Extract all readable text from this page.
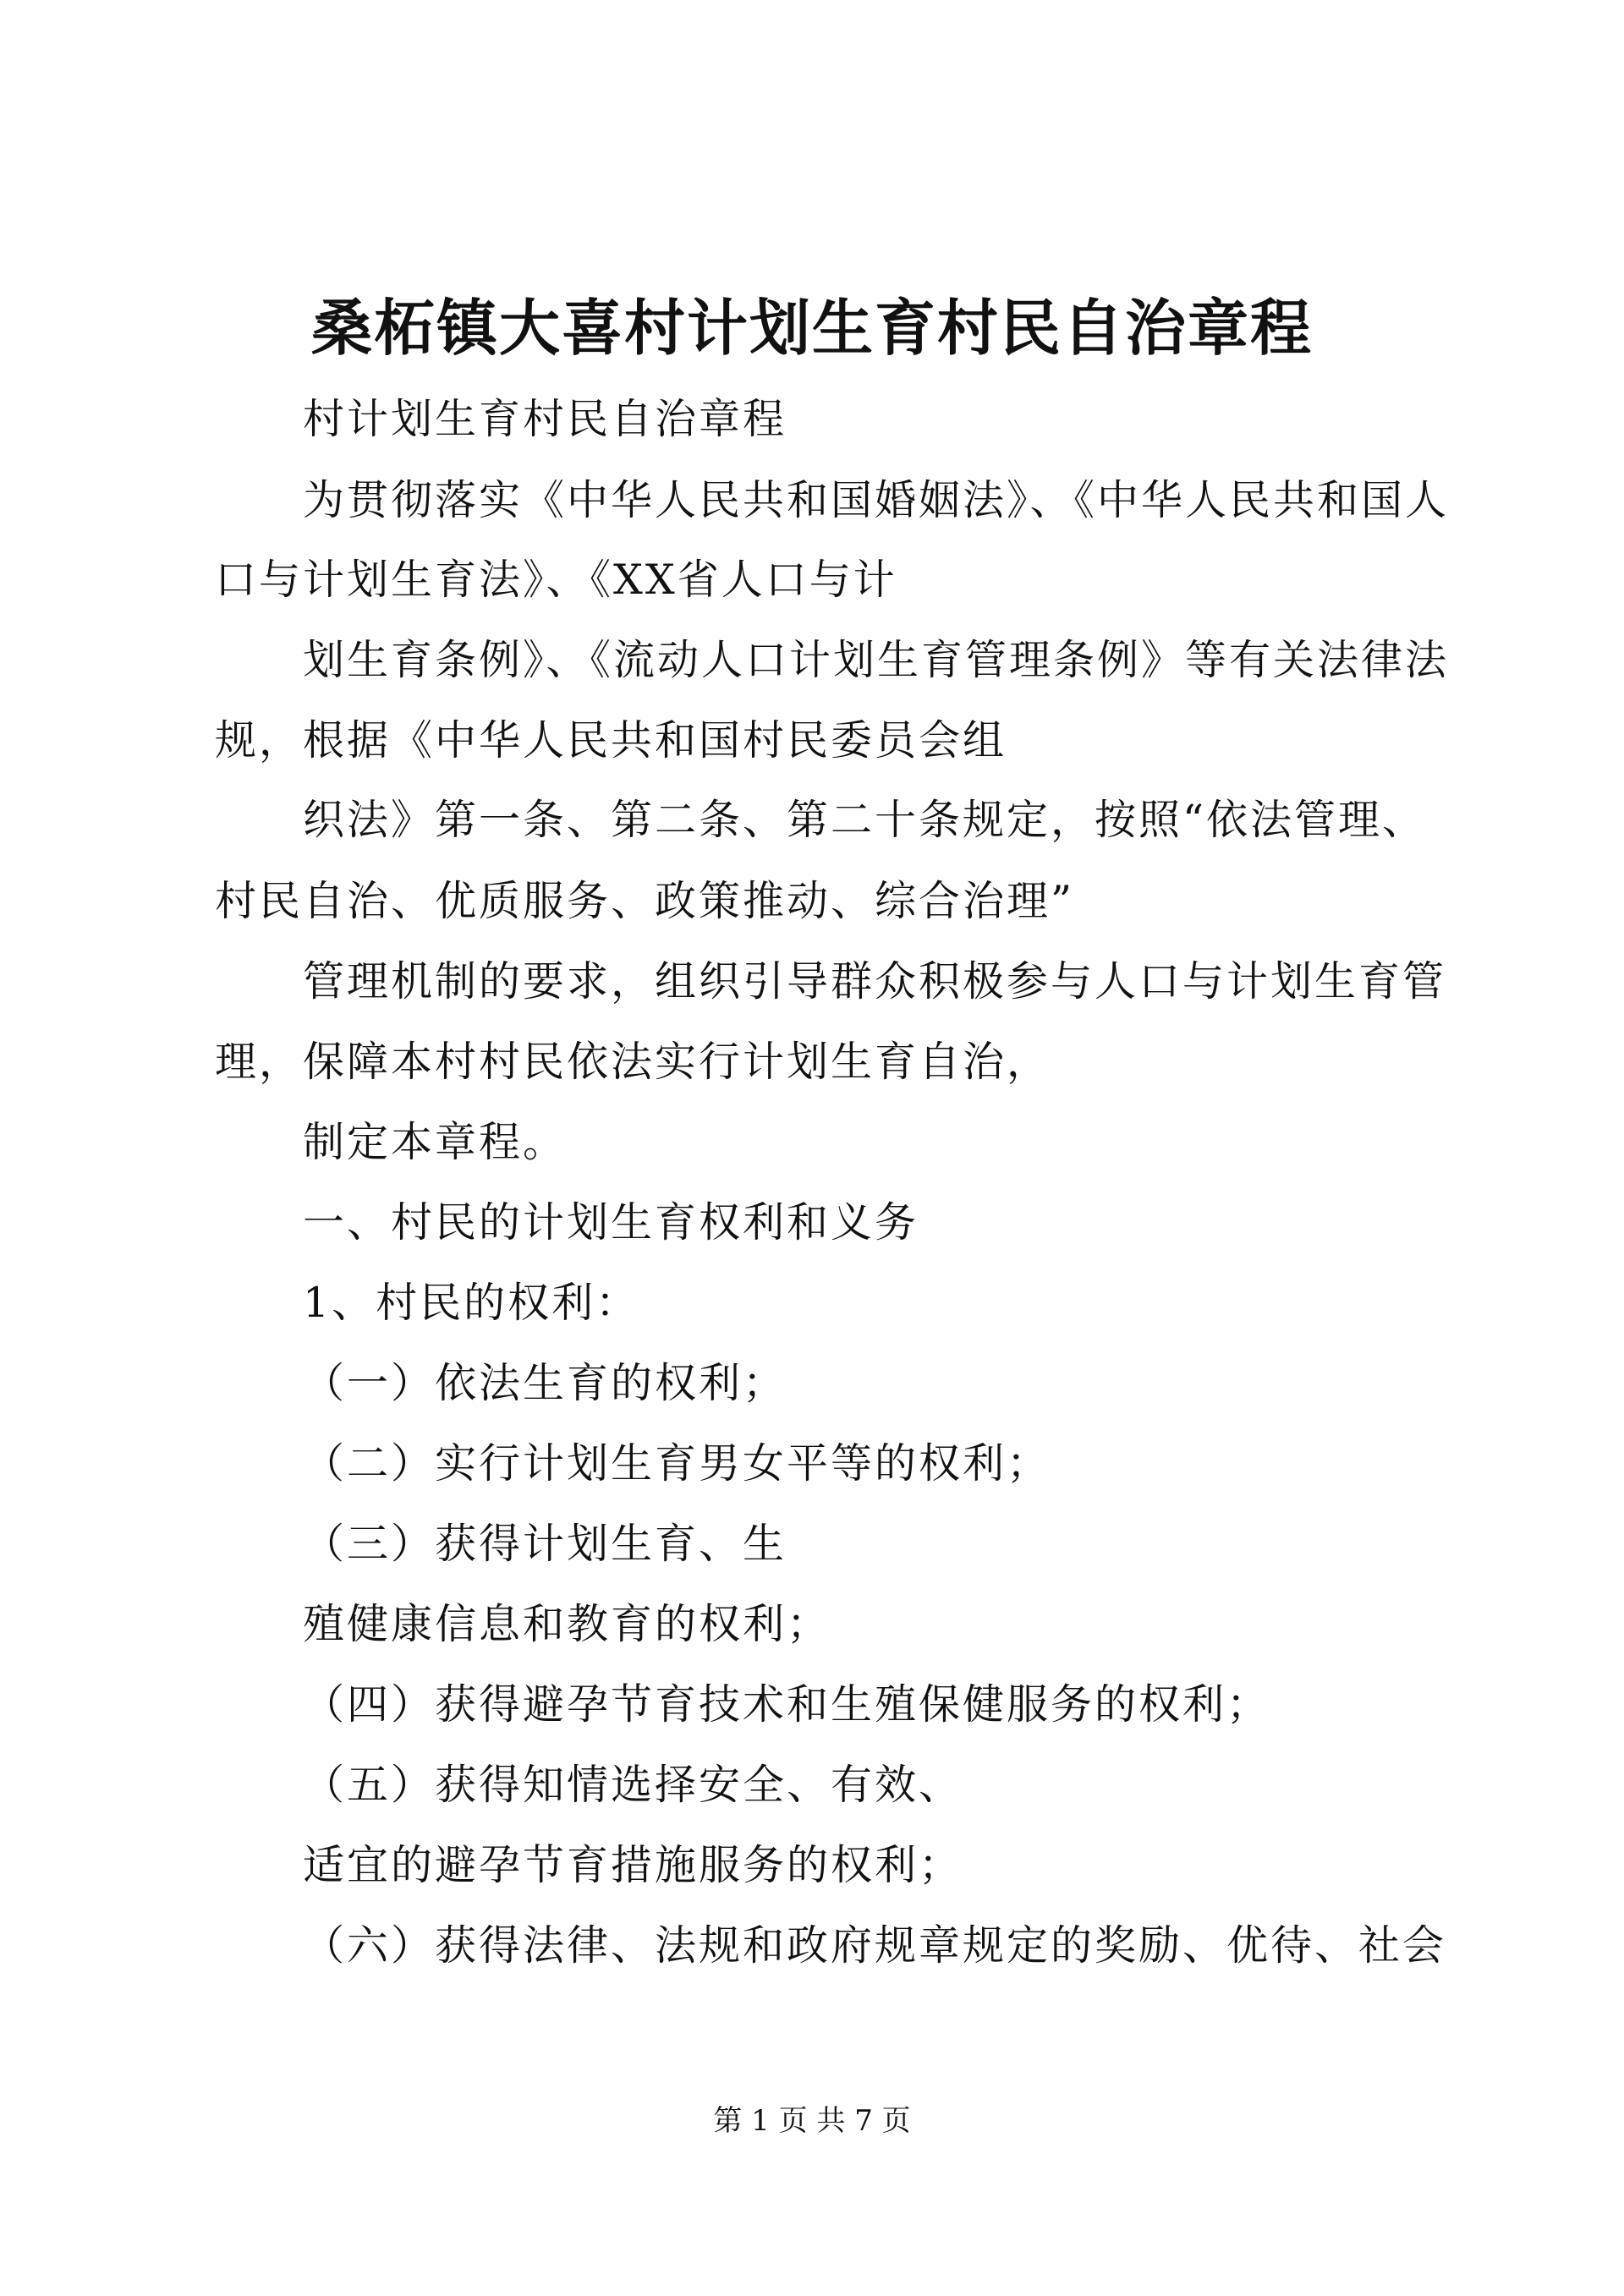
桑柘镇大喜村计划生育村民自治章程
村计划生育村民自治章程
为贯彻落实《中华人民共和国婚姻法》、《中华人民共和国人
口与计划生育法》、《XX省人口与计
划生育条例》、《流动人口计划生育管理条例》等有关法律法
规，根据《中华人民共和国村民委员会组
织法》第一条、第二条、第二十条规定，按照“依法管理、
村民自治、优质服务、政策推动、综合治理”
管理机制的要求，组织引导群众积极参与人口与计划生育管
理，保障本村村民依法实行计划生育自治，
制定本章程。
一、村民的计划生育权利和义务
1、村民的权利：
（一）依法生育的权利；
（二）实行计划生育男女平等的权利；
（三）获得计划生育、生
殖健康信息和教育的权利；
（四）获得避孕节育技术和生殖保健服务的权利；
（五）获得知情选择安全、有效、
适宜的避孕节育措施服务的权利；
（六）获得法律、法规和政府规章规定的奖励、优待、社会
第 1 页 共 7 页
